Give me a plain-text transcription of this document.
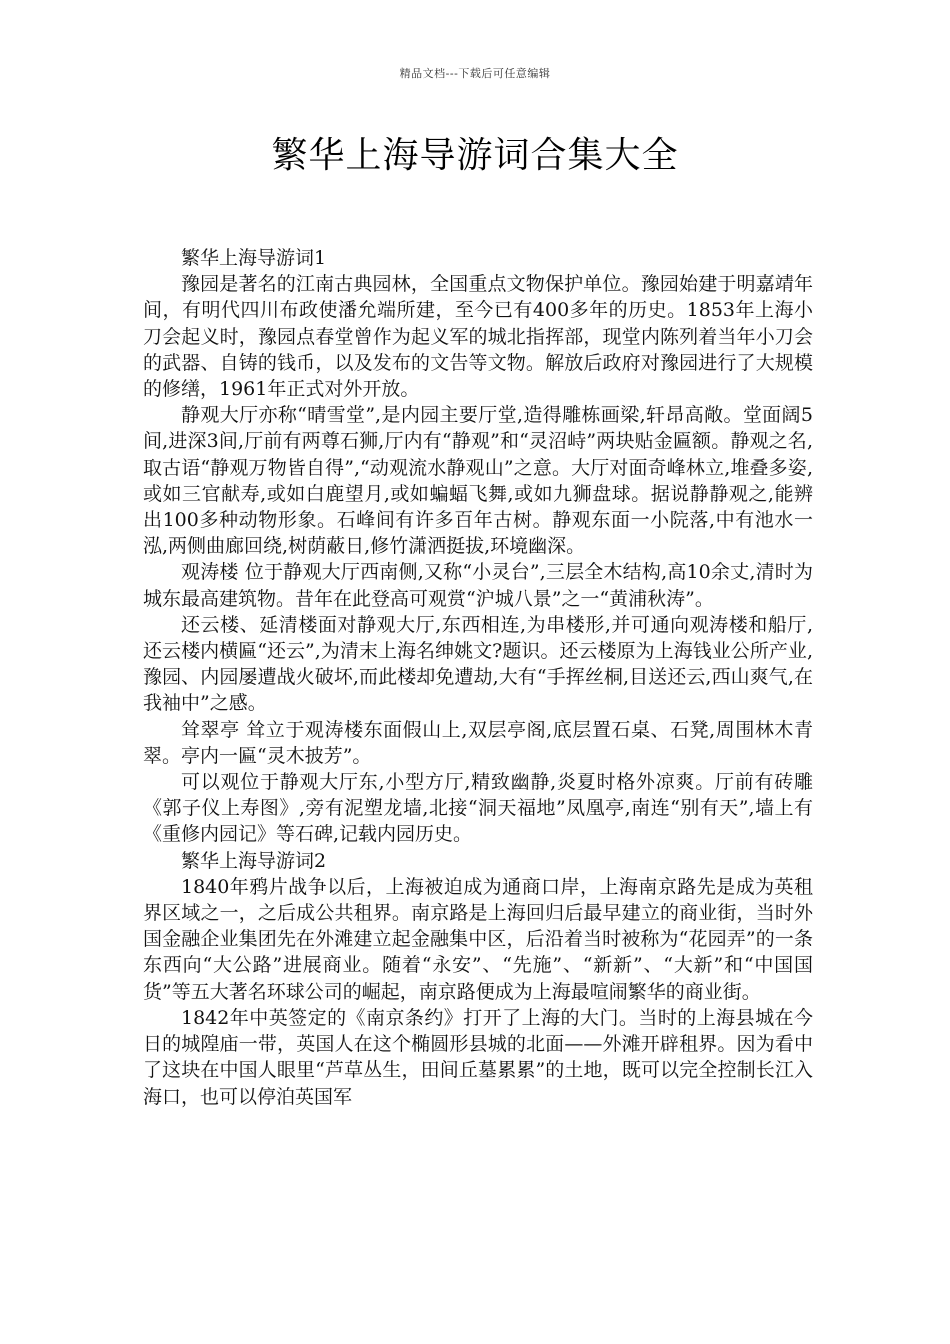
精品文档---下载后可任意编辑
繁华上海导游词合集大全

繁华上海导游词1

豫园是著名的江南古典园林，全国重点文物保护单位。豫园始建于明嘉靖年间，有明代四川布政使潘允端所建，至今已有400多年的历史。1853年上海小刀会起义时，豫园点春堂曾作为起义军的城北指挥部，现堂内陈列着当年小刀会的武器、自铸的钱币，以及发布的文告等文物。解放后政府对豫园进行了大规模的修缮，1961年正式对外开放。

静观大厅亦称“晴雪堂”,是内园主要厅堂,造得雕栋画梁,轩昂高敞。堂面阔5间,进深3间,厅前有两尊石狮,厅内有“静观”和“灵沼峙”两块贴金匾额。静观之名,取古语“静观万物皆自得”,“动观流水静观山”之意。大厅对面奇峰林立,堆叠多姿,或如三官献寿,或如白鹿望月,或如蝙蝠飞舞,或如九狮盘球。据说静静观之,能辨出100多种动物形象。石峰间有许多百年古树。静观东面一小院落,中有池水一泓,两侧曲廊回绕,树荫蔽日,修竹潇洒挺拔,环境幽深。

观涛楼 位于静观大厅西南侧,又称“小灵台”,三层全木结构,高10余丈,清时为城东最高建筑物。昔年在此登高可观赏“沪城八景”之一“黄浦秋涛”。

还云楼、延清楼面对静观大厅,东西相连,为串楼形,并可通向观涛楼和船厅,还云楼内横匾“还云”,为清末上海名绅姚文?题识。还云楼原为上海钱业公所产业,豫园、内园屡遭战火破坏,而此楼却免遭劫,大有“手挥丝桐,目送还云,西山爽气,在我袖中”之感。

耸翠亭 耸立于观涛楼东面假山上,双层亭阁,底层置石桌、石凳,周围林木青翠。亭内一匾“灵木披芳”。

可以观位于静观大厅东,小型方厅,精致幽静,炎夏时格外凉爽。厅前有砖雕《郭子仪上寿图》,旁有泥塑龙墙,北接“洞天福地”凤凰亭,南连“别有天”,墙上有《重修内园记》等石碑,记载内园历史。

繁华上海导游词2

1840年鸦片战争以后，上海被迫成为通商口岸，上海南京路先是成为英租界区域之一，之后成公共租界。南京路是上海回归后最早建立的商业街，当时外国金融企业集团先在外滩建立起金融集中区，后沿着当时被称为“花园弄”的一条东西向“大公路”进展商业。随着“永安”、“先施”、“新新”、“大新”和“中国国货”等五大著名环球公司的崛起，南京路便成为上海最喧闹繁华的商业街。

1842年中英签定的《南京条约》打开了上海的大门。当时的上海县城在今日的城隍庙一带，英国人在这个椭圆形县城的北面——外滩开辟租界。因为看中了这块在中国人眼里“芦草丛生，田间丘墓累累”的土地，既可以完全控制长江入海口，也可以停泊英国军
